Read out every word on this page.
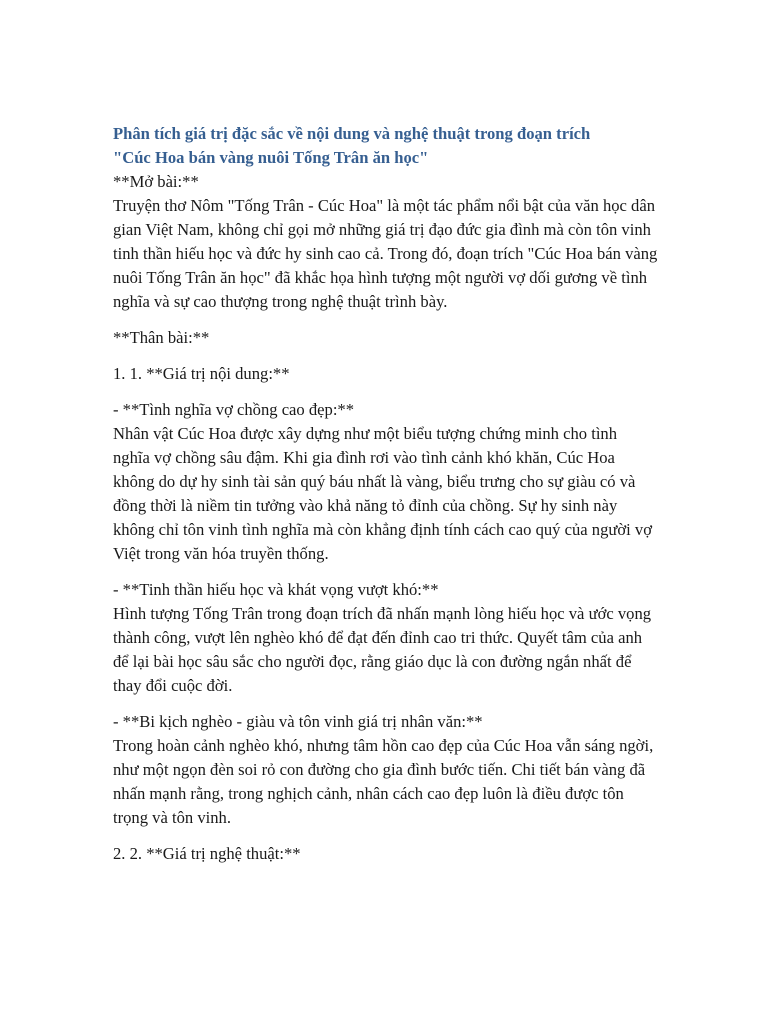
Phân tích giá trị đặc sắc về nội dung và nghệ thuật trong đoạn trích
"Cúc Hoa bán vàng nuôi Tống Trân ăn học"

**Mở bài:**

Truyện thơ Nôm "Tống Trân - Cúc Hoa" là một tác phẩm nổi bật của văn học dân gian Việt Nam, không chỉ gọi mở những giá trị đạo đức gia đình mà còn tôn vinh tinh thần hiếu học và đức hy sinh cao cả. Trong đó, đoạn trích "Cúc Hoa bán vàng nuôi Tống Trân ăn học" đã khắc họa hình tượng một người vợ dối gương về tình nghĩa và sự cao thượng trong nghệ thuật trình bày.

**Thân bài:**

1. 1. **Giá trị nội dung:**

- **Tình nghĩa vợ chồng cao đẹp:**

Nhân vật Cúc Hoa được xây dựng như một biểu tượng chứng minh cho tình nghĩa vợ chồng sâu đậm. Khi gia đình rơi vào tình cảnh khó khăn, Cúc Hoa không do dự hy sinh tài sản quý báu nhất là vàng, biểu trưng cho sự giàu có và đồng thời là niềm tin tưởng vào khả năng tỏ đỉnh của chồng. Sự hy sinh này không chỉ tôn vinh tình nghĩa mà còn khẳng định tính cách cao quý của người vợ Việt trong văn hóa truyền thống.

- **Tinh thần hiếu học và khát vọng vượt khó:**

Hình tượng Tống Trân trong đoạn trích đã nhấn mạnh lòng hiếu học và ước vọng thành công, vượt lên nghèo khó để đạt đến đỉnh cao tri thức. Quyết tâm của anh để lại bài học sâu sắc cho người đọc, rằng giáo dục là con đường ngắn nhất để thay đổi cuộc đời.

- **Bi kịch nghèo - giàu và tôn vinh giá trị nhân văn:**

Trong hoàn cảnh nghèo khó, nhưng tâm hồn cao đẹp của Cúc Hoa vẫn sáng ngời, như một ngọn đèn soi rỏ con đường cho gia đình bước tiến. Chi tiết bán vàng đã nhấn mạnh rằng, trong nghịch cảnh, nhân cách cao đẹp luôn là điều được tôn trọng và tôn vinh.

2. 2. **Giá trị nghệ thuật:**
